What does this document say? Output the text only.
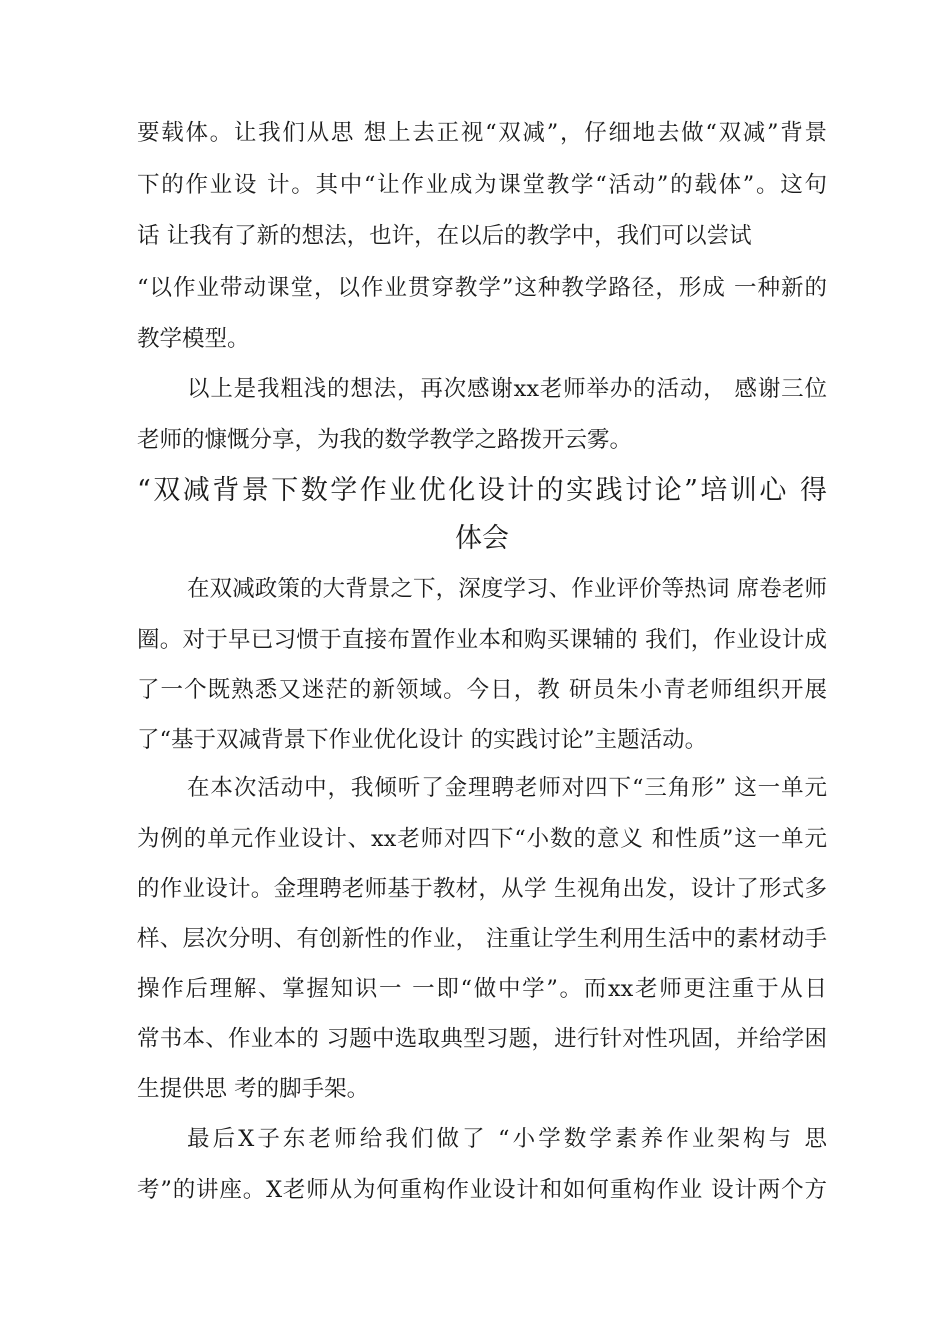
要载体。让我们从思 想上去正视“双减”，仔细地去做“双减”背景
下的作业设 计。其中“让作业成为课堂教学“活动”的载体”。这句
话 让我有了新的想法，也许，在以后的教学中，我们可以尝试
“以作业带动课堂，以作业贯穿教学”这种教学路径，形成 一种新的
教学模型。
以上是我粗浅的想法，再次感谢xx老师举办的活动， 感谢三位
老师的慷慨分享，为我的数学教学之路拨开云雾。
“双减背景下数学作业优化设计的实践讨论”培训心 得
体会
在双减政策的大背景之下，深度学习、作业评价等热词 席卷老师
圈。对于早已习惯于直接布置作业本和购买课辅的 我们，作业设计成
了一个既熟悉又迷茫的新领域。今日，教 研员朱小青老师组织开展
了“基于双减背景下作业优化设计 的实践讨论”主题活动。
在本次活动中，我倾听了金理聘老师对四下“三角形” 这一单元
为例的单元作业设计、xx老师对四下“小数的意义 和性质”这一单元
的作业设计。金理聘老师基于教材，从学 生视角出发，设计了形式多
样、层次分明、有创新性的作业， 注重让学生利用生活中的素材动手
操作后理解、掌握知识一 一即“做中学”。而xx老师更注重于从日
常书本、作业本的 习题中选取典型习题，进行针对性巩固，并给学困
生提供思 考的脚手架。
最后X子东老师给我们做了 “小学数学素养作业架构与 思
考”的讲座。X老师从为何重构作业设计和如何重构作业 设计两个方
